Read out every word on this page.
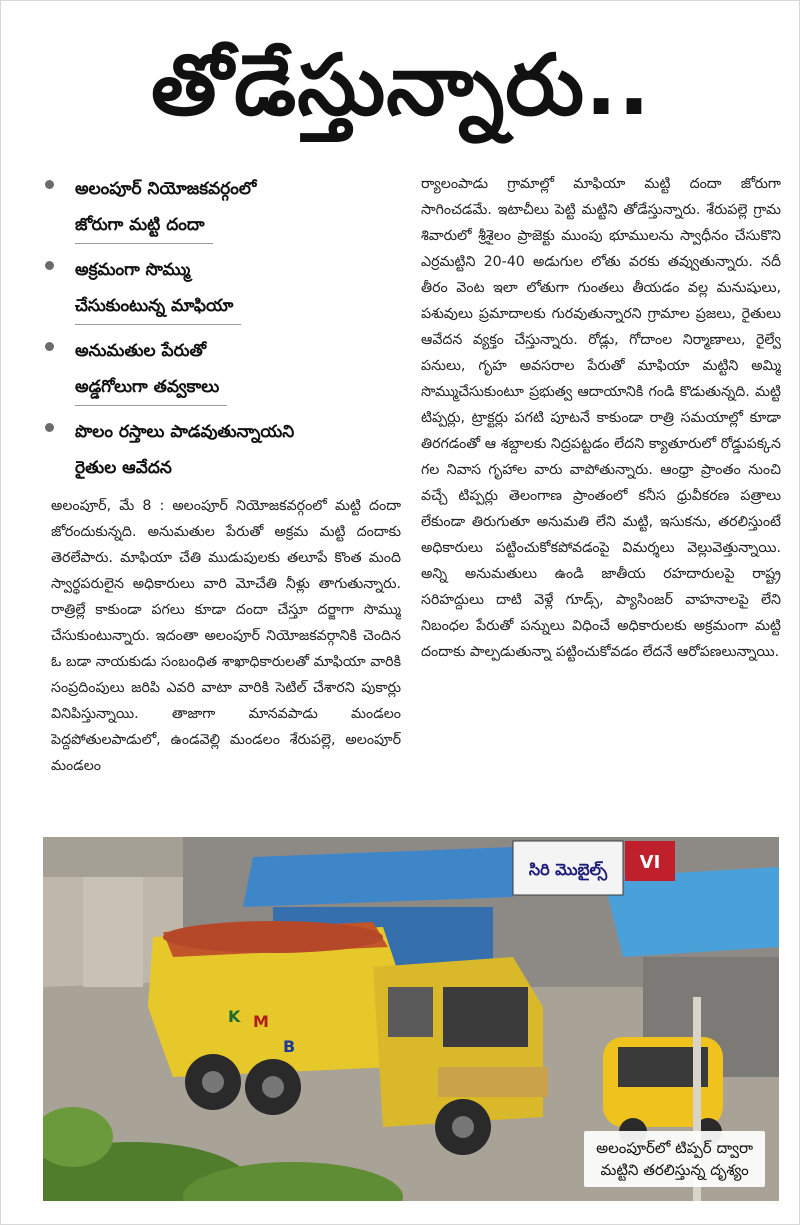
తోడేస్తున్నారు..
అలంపూర్ నియోజకవర్గంలో
జోరుగా మట్టి దందా
అక్రమంగా సొమ్ము
చేసుకుంటున్న మాఫియా
అనుమతుల పేరుతో
అడ్డగోలుగా తవ్వకాలు
పొలం రస్తాలు పాడవుతున్నాయని
రైతుల ఆవేదన

అలంపూర్, మే 8 : అలంపూర్ నియోజకవర్గంలో మట్టి దందా జోరందుకున్నది. అనుమతుల పేరుతో అక్రమ మట్టి దందాకు తెరలేపారు. మాఫియా చేతి ముడుపులకు తలూపే కొంత మంది స్వార్థపరులైన అధికారులు వారి మోచేతి నీళ్లు తాగుతున్నారు. రాత్రిల్లే కాకుండా పగలు కూడా దందా చేస్తూ దర్జాగా సొమ్ము చేసుకుంటున్నారు. ఇదంతా అలంపూర్ నియోజకవర్గానికి చెందిన ఓ బడా నాయకుడు సంబంధిత శాఖాధికారులతో మాఫియా వారికి సంప్రదింపులు జరిపి ఎవరి వాటా వారికి సెటిల్ చేశారని పుకార్లు వినిపిస్తున్నాయి. తాజాగా మానవపాడు మండలం పెద్దపోతులపాడులో, ఉండవెల్లి మండలం శేరుపల్లె, అలంపూర్ మండలం

ర్యాలంపాడు గ్రామాల్లో మాఫియా మట్టి దందా జోరుగా సాగించడమే. ఇటాచీలు పెట్టి మట్టిని తోడేస్తున్నారు. శేరుపల్లె గ్రామ శివారులో శ్రీశైలం ప్రాజెక్టు ముంపు భూములను స్వాధీనం చేసుకొని ఎర్రమట్టిని 20-40 అడుగుల లోతు వరకు తవ్వుతున్నారు. నదీ తీరం వెంట ఇలా లోతుగా గుంతలు తీయడం వల్ల మనుషులు, పశువులు ప్రమాదాలకు గురవుతున్నారని గ్రామాల ప్రజలు, రైతులు ఆవేదన వ్యక్తం చేస్తున్నారు. రోడ్లు, గోదాంల నిర్మాణాలు, రైల్వే పనులు, గృహ అవసరాల పేరుతో మాఫియా మట్టిని అమ్మి సొమ్ముచేసుకుంటూ ప్రభుత్వ ఆదాయానికి గండి కొడుతున్నది. మట్టి టిప్పర్లు, ట్రాక్టర్లు పగటి పూటనే కాకుండా రాత్రి సమయాల్లో కూడా తిరగడంతో ఆ శబ్దాలకు నిద్రపట్టడం లేదని క్యాతూరులో రోడ్డుపక్కన గల నివాస గృహాల వారు వాపోతున్నారు. ఆంధ్రా ప్రాంతం నుంచి వచ్చే టిప్పర్లు తెలంగాణ ప్రాంతంలో కనీస ధ్రువీకరణ పత్రాలు లేకుండా తిరుగుతూ అనుమతి లేని మట్టి, ఇసుకను, తరలిస్తుంటే అధికారులు పట్టించుకోకపోవడంపై విమర్శలు వెల్లువెత్తున్నాయి. అన్ని అనుమతులు ఉండి జాతీయ రహదారులపై రాష్ట్ర సరిహద్దులు దాటి వెళ్లే గూడ్స్, ప్యాసింజర్ వాహనాలపై లేని నిబంధల పేరుతో పన్నులు విధించే అధికారులకు అక్రమంగా మట్టి దందాకు పాల్పడుతున్నా పట్టించుకోవడం లేదనే ఆరోపణలున్నాయి.

సిరి మొబైల్స్ VI
K M
B
అలంపూర్‌లో టిప్పర్ ద్వారా
మట్టిని తరలిస్తున్న దృశ్యం
